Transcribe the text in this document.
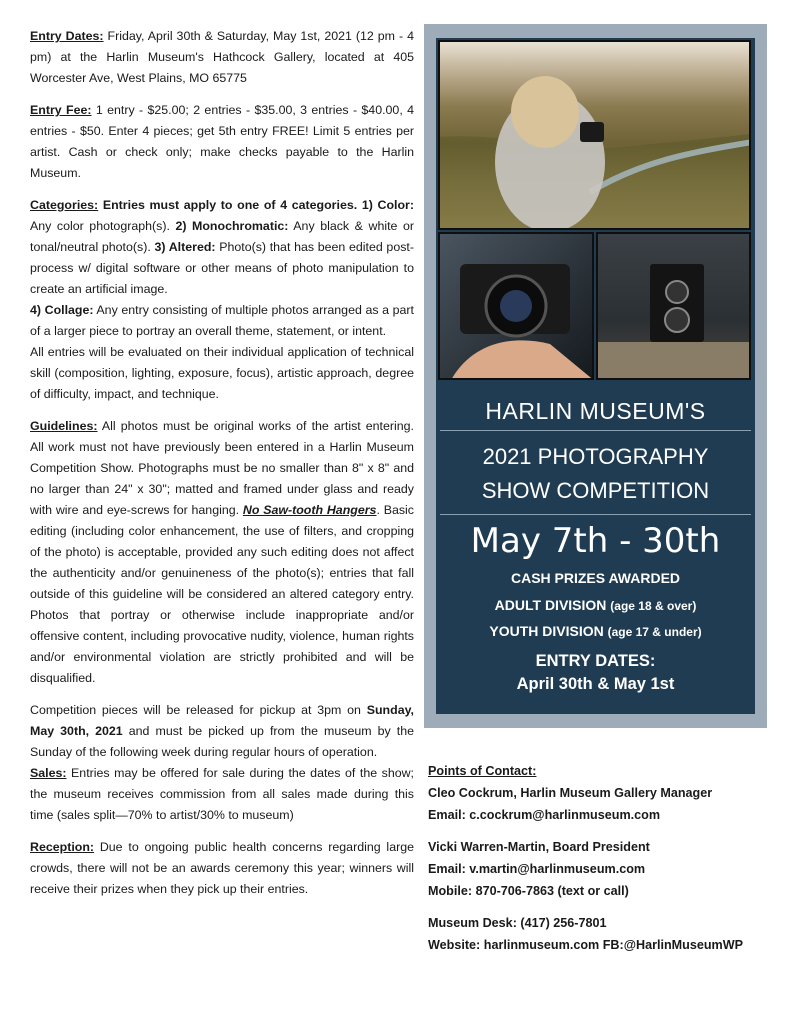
Entry Dates: Friday, April 30th & Saturday, May 1st, 2021 (12 pm - 4 pm) at the Harlin Museum's Hathcock Gallery, located at 405 Worcester Ave, West Plains, MO 65775

Entry Fee: 1 entry - $25.00; 2 entries - $35.00, 3 entries - $40.00, 4 entries - $50. Enter 4 pieces; get 5th entry FREE! Limit 5 entries per artist. Cash or check only; make checks payable to the Harlin Museum.

Categories: Entries must apply to one of 4 categories. 1) Color: Any color photograph(s). 2) Monochromatic: Any black & white or tonal/neutral photo(s). 3) Altered: Photo(s) that has been edited post-process w/ digital software or other means of photo manipulation to create an artificial image.

4) Collage: Any entry consisting of multiple photos arranged as a part of a larger piece to portray an overall theme, statement, or intent.

All entries will be evaluated on their individual application of technical skill (composition, lighting, exposure, focus), artistic approach, degree of difficulty, impact, and technique.

Guidelines: All photos must be original works of the artist entering. All work must not have previously been entered in a Harlin Museum Competition Show. Photographs must be no smaller than 8" x 8" and no larger than 24" x 30"; matted and framed under glass and ready with wire and eye-screws for hanging. No Saw-tooth Hangers. Basic editing (including color enhancement, the use of filters, and cropping of the photo) is acceptable, provided any such editing does not affect the authenticity and/or genuineness of the photo(s); entries that fall outside of this guideline will be considered an altered category entry. Photos that portray or otherwise include inappropriate and/or offensive content, including provocative nudity, violence, human rights and/or environmental violation are strictly prohibited and will be disqualified.

Competition pieces will be released for pickup at 3pm on Sunday, May 30th, 2021 and must be picked up from the museum by the Sunday of the following week during regular hours of operation.

Sales: Entries may be offered for sale during the dates of the show; the museum receives commission from all sales made during this time (sales split—70% to artist/30% to museum)

Reception: Due to ongoing public health concerns regarding large crowds, there will not be an awards ceremony this year; winners will receive their prizes when they pick up their entries.

HARLIN MUSEUM'S
2021 PHOTOGRAPHY
SHOW COMPETITION
May 7th - 30th
CASH PRIZES AWARDED
ADULT DIVISION (age 18 & over)
YOUTH DIVISION (age 17 & under)
ENTRY DATES:
April 30th & May 1st
Points of Contact:
Cleo Cockrum, Harlin Museum Gallery Manager
Email: c.cockrum@harlinmuseum.com
Vicki Warren-Martin, Board President
Email: v.martin@harlinmuseum.com
Mobile: 870-706-7863 (text or call)
Museum Desk: (417) 256-7801
Website: harlinmuseum.com FB:@HarlinMuseumWP
